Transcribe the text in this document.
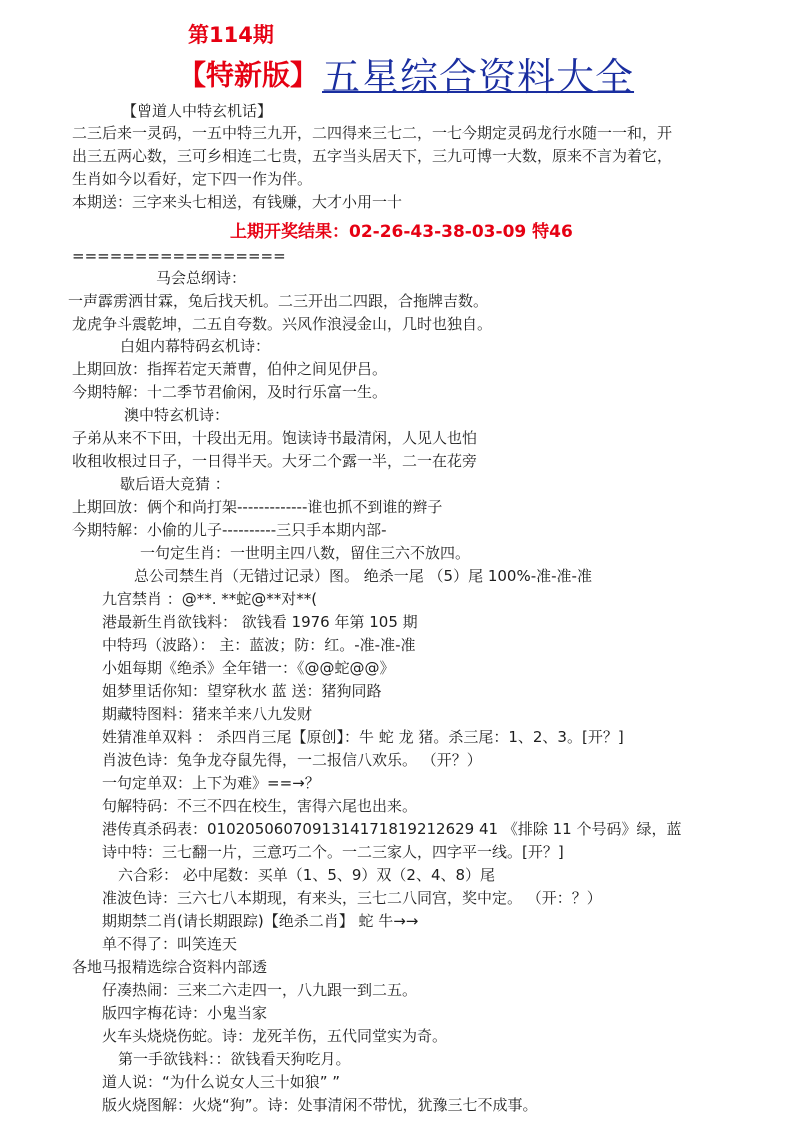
第114期
【特新版】 五星综合资料大全
【曾道人中特玄机话】
二三后来一灵码，一五中特三九开，二四得来三七二，一七今期定灵码龙行水随一一和，开
出三五两心数，三可乡相连二七贵，五字当头居天下，三九可博一大数，原来不言为着它，
生肖如今以看好，定下四一作为伴。
本期送：三字来头七相送，有钱赚，大才小用一十
上期开奖结果：02-26-43-38-03-09 特46
=================
马会总纲诗：
一声霹雳洒甘霖，兔后找天机。二三开出二四跟，合拖牌吉数。
龙虎争斗震乾坤，二五自夸数。兴风作浪浸金山，几时也独自。
白姐内幕特码玄机诗：
上期回放：指挥若定天萧曹，伯仲之间见伊吕。
今期特解：十二季节君偷闲，及时行乐富一生。
澳中特玄机诗：
子弟从来不下田，十段出无用。饱读诗书最清闲，人见人也怕
收租收根过日子，一日得半天。大牙二个露一半，二一在花旁
歇后语大竞猜 ：
上期回放：俩个和尚打架-------------谁也抓不到谁的辫子
今期特解：小偷的儿子----------三只手本期内部-
一句定生肖：一世明主四八数，留住三六不放四。
总公司禁生肖（无错过记录）图。 绝杀一尾 （5）尾 100%-准-准-准
九宫禁肖 ：@**. **蛇@**对**(
港最新生肖欲钱料： 欲钱看 1976 年第 105 期
中特玛（波路）： 主：蓝波；防：红。-准-准-准
小姐每期《绝杀》全年错一：《@@蛇@@》
姐梦里话你知：望穿秋水 蓝 送：猪狗同路
期藏特图料：猪来羊来八九发财
姓猜准单双料 ： 杀四肖三尾【原创】：牛 蛇 龙 猪。杀三尾：1、2、3。[开？]
肖波色诗：兔争龙夺鼠先得，一二报信八欢乐。 （开？）
一句定单双：上下为难》==→？
句解特码：不三不四在校生，害得六尾也出来。
港传真杀码表：0102050607091314171819212629 41 《排除 11 个号码》绿，蓝
诗中特：三七翻一片，三意巧二个。一二三家人，四字平一线。[开？]
六合彩： 必中尾数：买单（1、5、9）双（2、4、8）尾
准波色诗：三六七八本期现，有来头，三七二八同宫，奖中定。 （开：？）
期期禁二肖(请长期跟踪)【绝杀二肖】 蛇 牛→→
单不得了：叫笑连天
各地马报精选综合资料内部透
仔凑热闹：三来二六走四一，八九跟一到二五。
版四字梅花诗：小鬼当家
火车头烧烧伤蛇。诗：龙死羊伤，五代同堂实为奇。
第一手欲钱料：：欲钱看天狗吃月。
道人说：“为什么说女人三十如狼” ”
版火烧图解：火烧“狗”。诗：处事清闲不带忧，犹豫三七不成事。
